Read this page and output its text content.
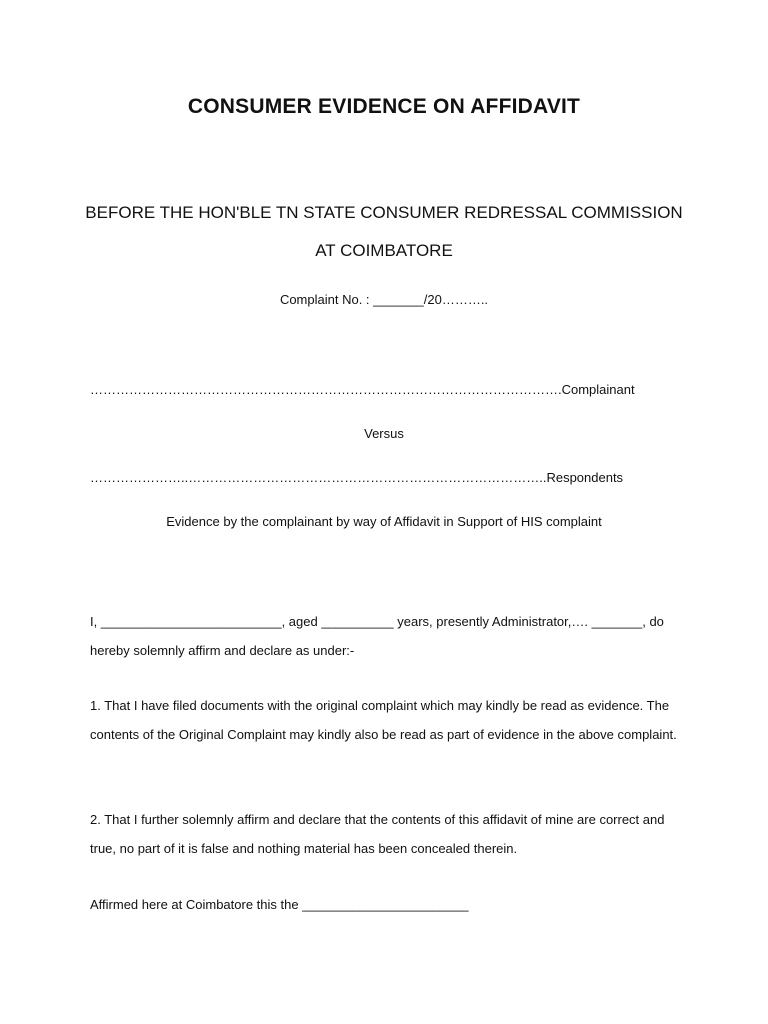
CONSUMER EVIDENCE ON AFFIDAVIT
BEFORE THE HON'BLE TN STATE CONSUMER REDRESSAL COMMISSION
AT COIMBATORE
Complaint No. : _______/20………..
……………………………………………………………………………………………….Complainant
Versus
…………………..………………………………………………………………………..Respondents
Evidence by the complainant by way of Affidavit in Support of HIS complaint
I, _________________________, aged __________ years, presently Administrator,…. _______, do hereby solemnly affirm and declare as under:-
1. That I have filed documents with the original complaint which may kindly be read as evidence. The contents of the Original Complaint may kindly also be read as part of evidence in the above complaint.
2. That I further solemnly affirm and declare that the contents of this affidavit of mine are correct and true, no part of it is false and nothing material has been concealed therein.
Affirmed here at Coimbatore this the _______________________
